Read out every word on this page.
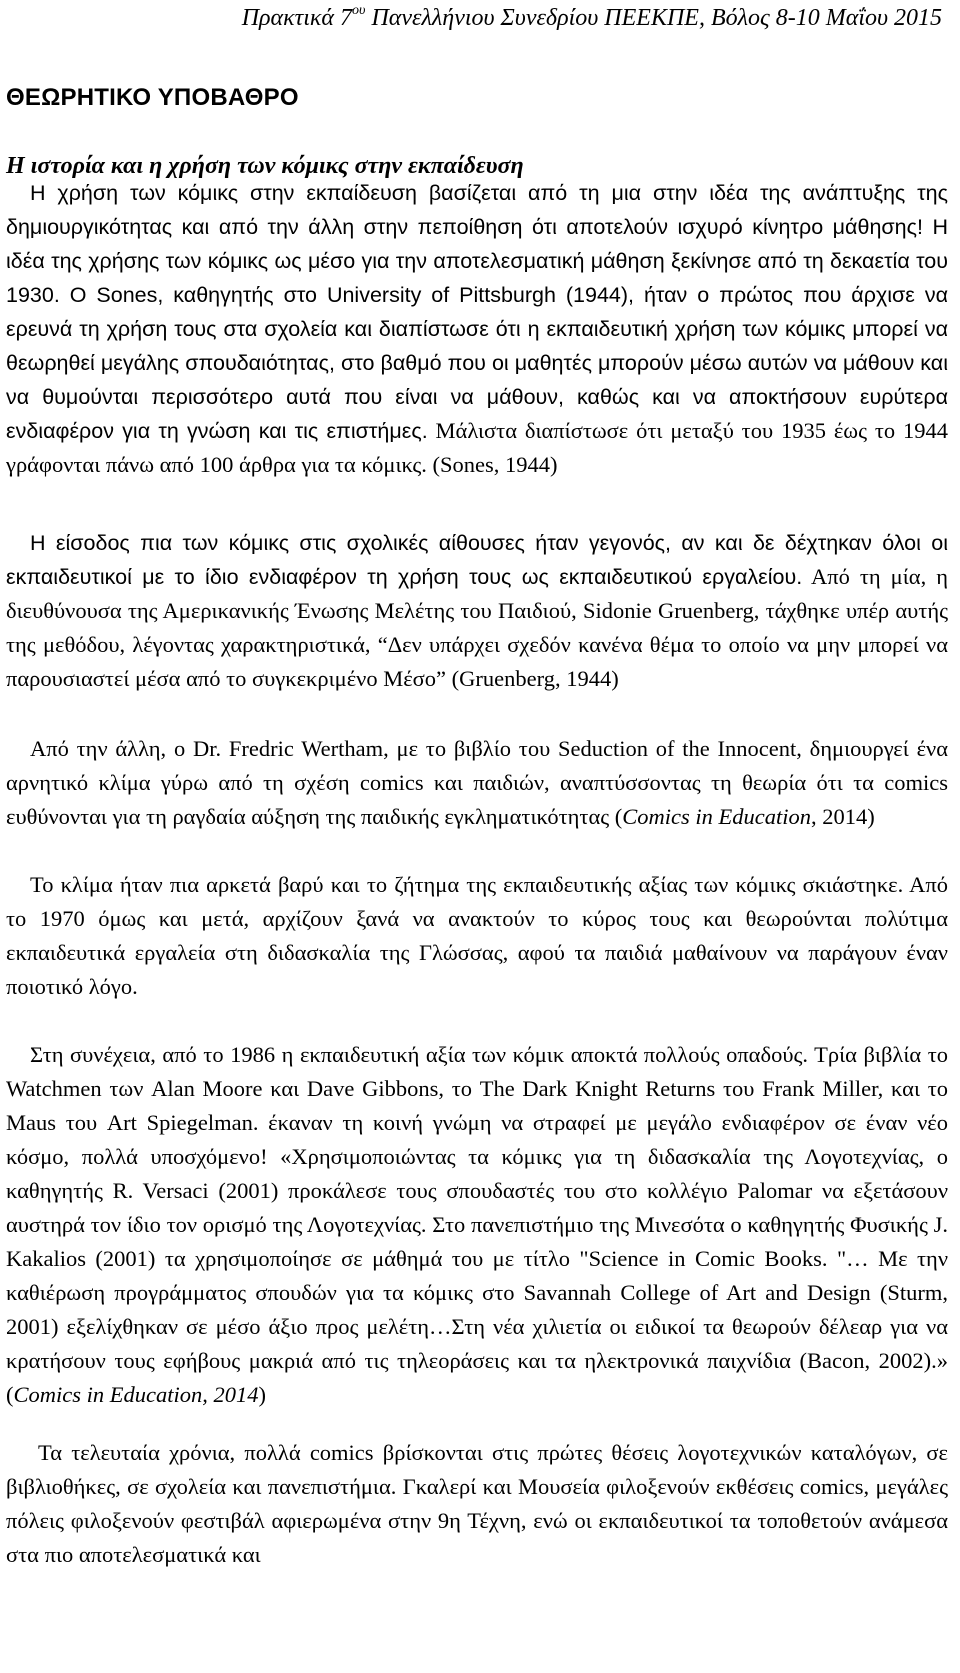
Πρακτικά $7^{o\upsilon}$ Πανελλήνιου Συνεδρίου ΠΕΕΚΠΕ, Βόλος 8-10 Μαΐου 2015
ΘΕΩΡΗΤΙΚΟ ΥΠΟΒΑΘΡΟ
Η ιστορία και η χρήση των κόμικς στην εκπαίδευση
Η χρήση των κόμικς στην εκπαίδευση βασίζεται από τη μια στην ιδέα της ανάπτυξης της δημιουργικότητας και από την άλλη στην πεποίθηση ότι αποτελούν ισχυρό κίνητρο μάθησης! Η ιδέα της χρήσης των κόμικς ως μέσο για την αποτελεσματική μάθηση ξεκίνησε από τη δεκαετία του 1930. Ο Sones, καθηγητής στο University of Pittsburgh (1944), ήταν ο πρώτος που άρχισε να ερευνά τη χρήση τους στα σχολεία και διαπίστωσε ότι η εκπαιδευτική χρήση των κόμικς μπορεί να θεωρηθεί μεγάλης σπουδαιότητας, στο βαθμό που οι μαθητές μπορούν μέσω αυτών να μάθουν και να θυμούνται περισσότερο αυτά που είναι να μάθουν, καθώς και να αποκτήσουν ευρύτερα ενδιαφέρον για τη γνώση και τις επιστήμες. Μάλιστα διαπίστωσε ότι μεταξύ του 1935 έως το 1944 γράφονται πάνω από 100 άρθρα για τα κόμικς. (Sones, 1944)
Η είσοδος πια των κόμικς στις σχολικές αίθουσες ήταν γεγονός, αν και δε δέχτηκαν όλοι οι εκπαιδευτικοί με το ίδιο ενδιαφέρον τη χρήση τους ως εκπαιδευτικού εργαλείου. Από τη μία, η διευθύνουσα της Αμερικανικής Ένωσης Μελέτης του Παιδιού, Sidonie Gruenberg, τάχθηκε υπέρ αυτής της μεθόδου, λέγοντας χαρακτηριστικά, “Δεν υπάρχει σχεδόν κανένα θέμα το οποίο να μην μπορεί να παρουσιαστεί μέσα από το συγκεκριμένο Μέσο” (Gruenberg, 1944)
Από την άλλη, ο Dr. Fredric Wertham, με το βιβλίο του Seduction of the Innocent, δημιουργεί ένα αρνητικό κλίμα γύρω από τη σχέση comics και παιδιών, αναπτύσσοντας τη θεωρία ότι τα comics ευθύνονται για τη ραγδαία αύξηση της παιδικής εγκληματικότητας (Comics in Education, 2014)
Το κλίμα ήταν πια αρκετά βαρύ και το ζήτημα της εκπαιδευτικής αξίας των κόμικς σκιάστηκε. Από το 1970 όμως και μετά, αρχίζουν ξανά να ανακτούν το κύρος τους και θεωρούνται πολύτιμα εκπαιδευτικά εργαλεία στη διδασκαλία της Γλώσσας, αφού τα παιδιά μαθαίνουν να παράγουν έναν ποιοτικό λόγο.
Στη συνέχεια, από το 1986 η εκπαιδευτική αξία των κόμικ αποκτά πολλούς οπαδούς. Τρία βιβλία το Watchmen των Alan Moore και Dave Gibbons, το The Dark Knight Returns του Frank Miller, και το Maus του Art Spiegelman. έκαναν τη κοινή γνώμη να στραφεί με μεγάλο ενδιαφέρον σε έναν νέο κόσμο, πολλά υποσχόμενο! «Χρησιμοποιώντας τα κόμικς για τη διδασκαλία της Λογοτεχνίας, ο καθηγητής R. Versaci (2001) προκάλεσε τους σπουδαστές του στο κολλέγιο Palomar να εξετάσουν αυστηρά τον ίδιο τον ορισμό της Λογοτεχνίας. Στο πανεπιστήμιο της Μινεσότα ο καθηγητής Φυσικής J. Kakalios (2001) τα χρησιμοποίησε σε μάθημά του με τίτλο "Science in Comic Books. "… Με την καθιέρωση προγράμματος σπουδών για τα κόμικς στο Savannah College of Art and Design (Sturm, 2001) εξελίχθηκαν σε μέσο άξιο προς μελέτη…Στη νέα χιλιετία οι ειδικοί τα θεωρούν δέλεαρ για να κρατήσουν τους εφήβους μακριά από τις τηλεοράσεις και τα ηλεκτρονικά παιχνίδια (Bacon, 2002).» (Comics in Education, 2014)
Τα τελευταία χρόνια, πολλά comics βρίσκονται στις πρώτες θέσεις λογοτεχνικών καταλόγων, σε βιβλιοθήκες, σε σχολεία και πανεπιστήμια. Γκαλερί και Μουσεία φιλοξενούν εκθέσεις comics, μεγάλες πόλεις φιλοξενούν φεστιβάλ αφιερωμένα στην 9η Τέχνη, ενώ οι εκπαιδευτικοί τα τοποθετούν ανάμεσα στα πιο αποτελεσματικά και
